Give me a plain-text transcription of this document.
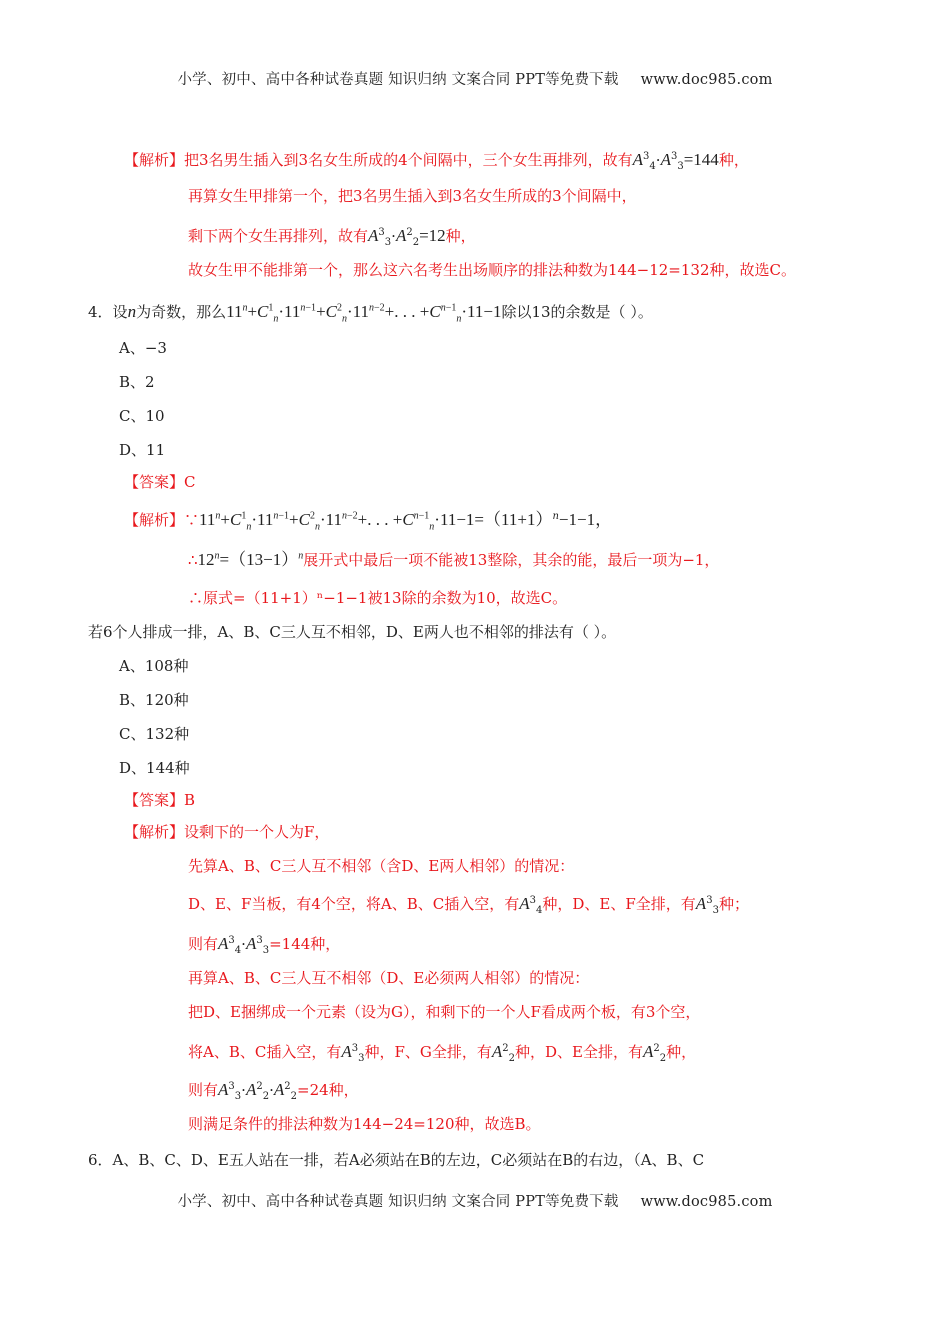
小学、初中、高中各种试卷真题 知识归纳 文案合同 PPT等免费下载 www.doc985.com
【解析】把3名男生插入到3名女生所成的4个间隔中，三个女生再排列，故有$A^3_4\cdot A^3_3=144$种，
再算女生甲排第一个，把3名男生插入到3名女生所成的3个间隔中，
剩下两个女生再排列，故有$A^3_3\cdot A^2_2=12$种，
故女生甲不能排第一个，那么这六名考生出场顺序的排法种数为144−12=132种，故选C。
4．设n为奇数，那么$11^n+C^1_n\cdot 11^{n-1}+C^2_n\cdot 11^{n-2}+$. . . $+C^{n-1}_n\cdot 11-1$除以13的余数是（ ）。
A、−3
B、2
C、10
D、11
【答案】C
【解析】$\because 11^n+C^1_n\cdot 11^{n-1}+C^2_n\cdot 11^{n-2}+$. . . $+C^{n-1}_n\cdot 11-1=(11+1)^n-1-1$，
$\therefore 12^n=(13-1)^n$展开式中最后一项不能被13整除，其余的能，最后一项为−1，
∴原式=（11+1）ⁿ−1−1被13除的余数为10，故选C。
若6个人排成一排，A、B、C三人互不相邻，D、E两人也不相邻的排法有（ ）。
A、108种
B、120种
C、132种
D、144种
【答案】B
【解析】设剩下的一个人为F，
先算A、B、C三人互不相邻（含D、E两人相邻）的情况：
D、E、F当板，有4个空，将A、B、C插入空，有$A^3_4$种，D、E、F全排，有$A^3_3$种；
则有$A^3_4\cdot A^3_3=144$种，
再算A、B、C三人互不相邻（D、E必须两人相邻）的情况：
把D、E捆绑成一个元素（设为G），和剩下的一个人F看成两个板，有3个空，
将A、B、C插入空，有$A^3_3$种，F、G全排，有$A^2_2$种，D、E全排，有$A^2_2$种，
则有$A^3_3\cdot A^2_2\cdot A^2_2=24$种，
则满足条件的排法种数为144−24=120种，故选B。
6．A、B、C、D、E五人站在一排，若A必须站在B的左边，C必须站在B的右边，（A、B、C
小学、初中、高中各种试卷真题 知识归纳 文案合同 PPT等免费下载 www.doc985.com
